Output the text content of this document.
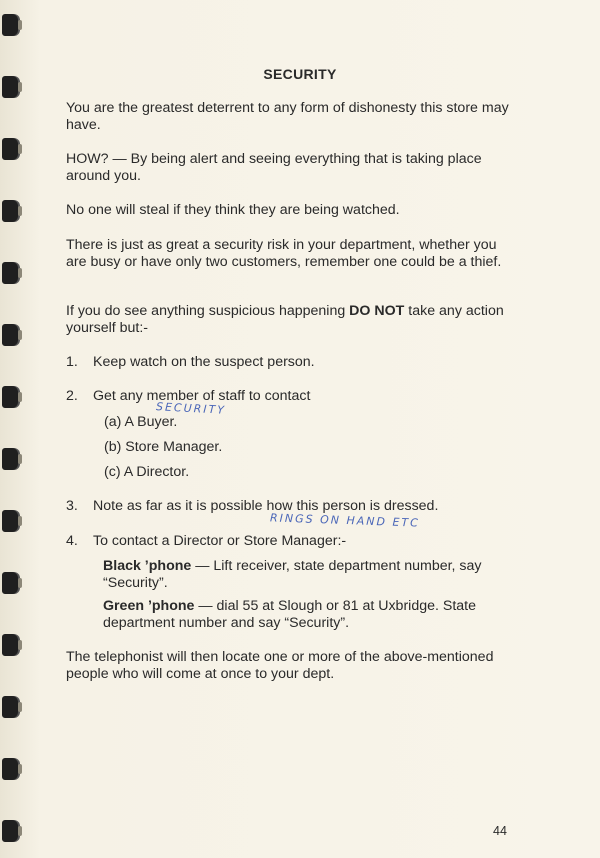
SECURITY
You are the greatest deterrent to any form of dishonesty this store may have.
HOW? — By being alert and seeing everything that is taking place around you.
No one will steal if they think they are being watched.
There is just as great a security risk in your department, whether you are busy or have only two customers, remember one could be a thief.
If you do see anything suspicious happening DO NOT take any action yourself but:-
1. Keep watch on the suspect person.
2. Get any member of staff to contact
SECURITY
(a) A Buyer.
(b) Store Manager.
(c) A Director.
3. Note as far as it is possible how this person is dressed.
RINGS ON HAND ETC
4. To contact a Director or Store Manager:-
Black ’phone — Lift receiver, state department number, say “Security”.
Green ’phone — dial 55 at Slough or 81 at Uxbridge. State department number and say “Security”.
The telephonist will then locate one or more of the above-mentioned people who will come at once to your dept.
44
